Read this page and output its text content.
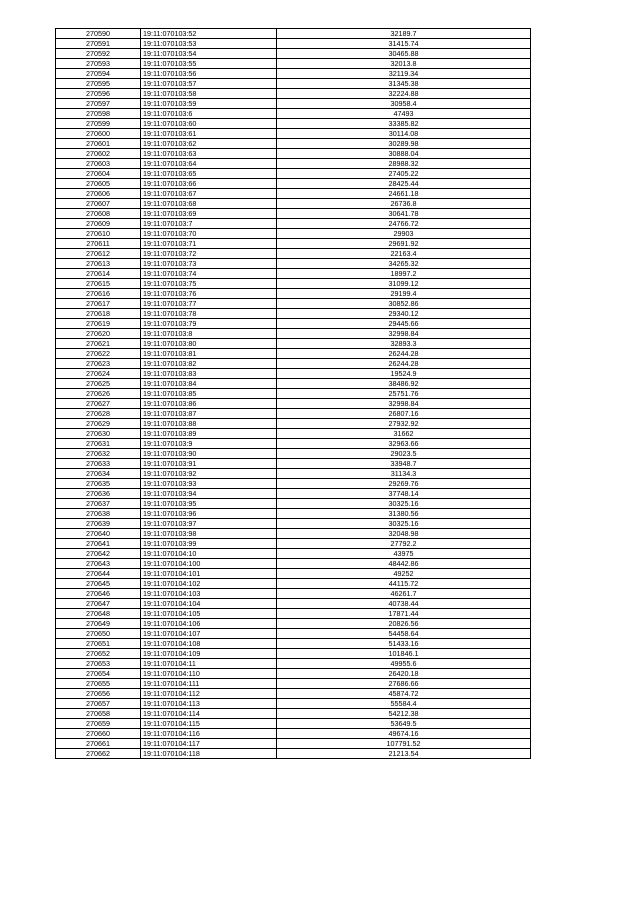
270590	19:11:070103:52	32189.7
270591	19:11:070103:53	31415.74
270592	19:11:070103:54	30465.88
270593	19:11:070103:55	32013.8
270594	19:11:070103:56	32119.34
270595	19:11:070103:57	31345.38
270596	19:11:070103:58	32224.88
270597	19:11:070103:59	30958.4
270598	19:11:070103:6	47493
270599	19:11:070103:60	33385.82
270600	19:11:070103:61	30114.08
270601	19:11:070103:62	30289.98
270602	19:11:070103:63	30888.04
270603	19:11:070103:64	28988.32
270604	19:11:070103:65	27405.22
270605	19:11:070103:66	28425.44
270606	19:11:070103:67	24661.18
270607	19:11:070103:68	26736.8
270608	19:11:070103:69	30641.78
270609	19:11:070103:7	24766.72
270610	19:11:070103:70	29903
270611	19:11:070103:71	29691.92
270612	19:11:070103:72	22163.4
270613	19:11:070103:73	34265.32
270614	19:11:070103:74	18997.2
270615	19:11:070103:75	31099.12
270616	19:11:070103:76	29199.4
270617	19:11:070103:77	30852.86
270618	19:11:070103:78	29340.12
270619	19:11:070103:79	29445.66
270620	19:11:070103:8	32998.84
270621	19:11:070103:80	32893.3
270622	19:11:070103:81	26244.28
270623	19:11:070103:82	26244.28
270624	19:11:070103:83	19524.9
270625	19:11:070103:84	38486.92
270626	19:11:070103:85	25751.76
270627	19:11:070103:86	32998.84
270628	19:11:070103:87	26807.16
270629	19:11:070103:88	27932.92
270630	19:11:070103:89	31662
270631	19:11:070103:9	32963.66
270632	19:11:070103:90	29023.5
270633	19:11:070103:91	33948.7
270634	19:11:070103:92	31134.3
270635	19:11:070103:93	29269.76
270636	19:11:070103:94	37748.14
270637	19:11:070103:95	30325.16
270638	19:11:070103:96	31380.56
270639	19:11:070103:97	30325.16
270640	19:11:070103:98	32048.98
270641	19:11:070103:99	27792.2
270642	19:11:070104:10	43975
270643	19:11:070104:100	48442.86
270644	19:11:070104:101	49252
270645	19:11:070104:102	44115.72
270646	19:11:070104:103	46261.7
270647	19:11:070104:104	40738.44
270648	19:11:070104:105	17871.44
270649	19:11:070104:106	20826.56
270650	19:11:070104:107	54458.64
270651	19:11:070104:108	51433.16
270652	19:11:070104:109	101846.1
270653	19:11:070104:11	49955.6
270654	19:11:070104:110	26420.18
270655	19:11:070104:111	27686.66
270656	19:11:070104:112	45874.72
270657	19:11:070104:113	55584.4
270658	19:11:070104:114	54212.38
270659	19:11:070104:115	53649.5
270660	19:11:070104:116	49674.16
270661	19:11:070104:117	107791.52
270662	19:11:070104:118	21213.54
